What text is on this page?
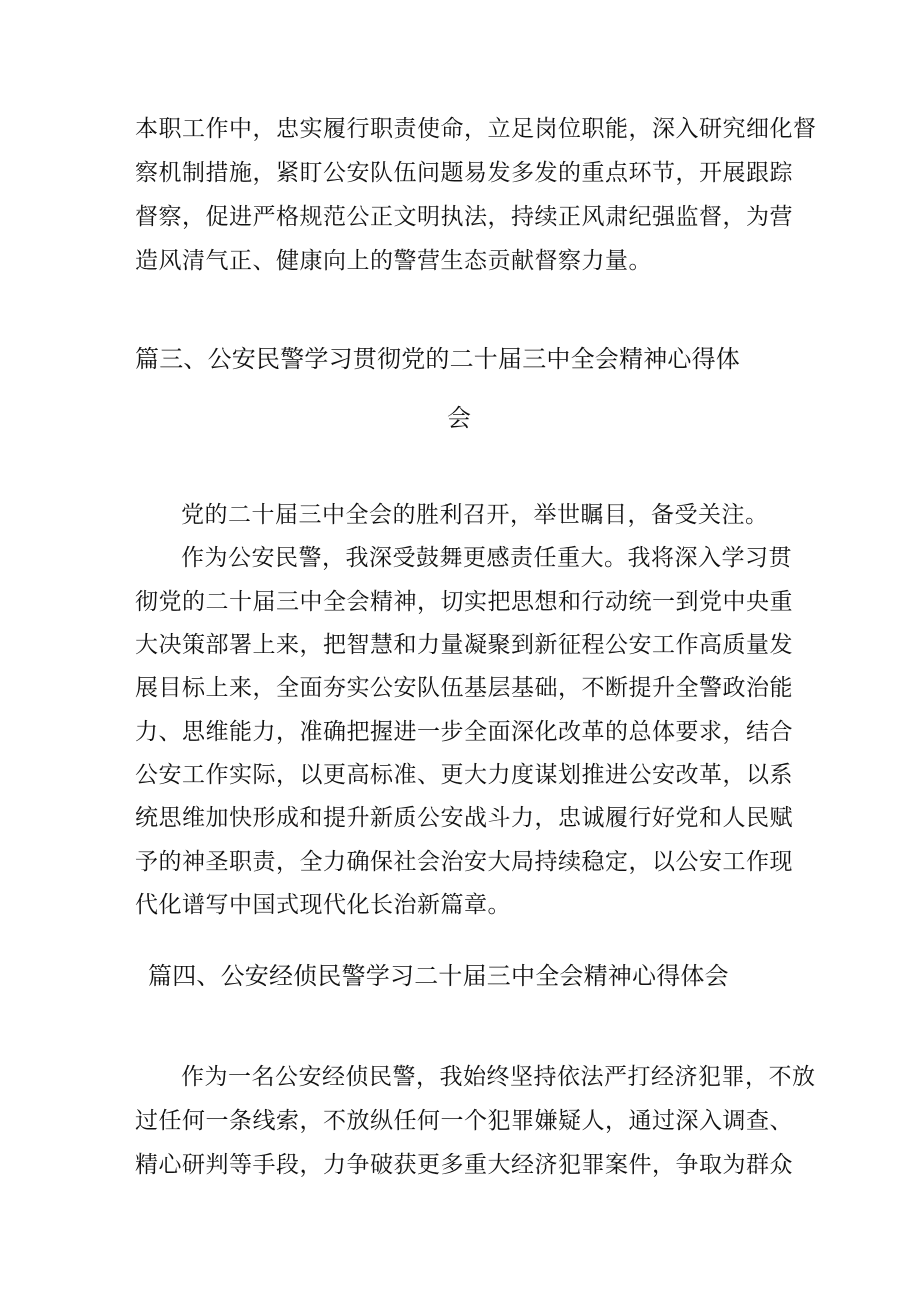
本职工作中，忠实履行职责使命，立足岗位职能，深入研究细化督
察机制措施，紧盯公安队伍问题易发多发的重点环节，开展跟踪
督察，促进严格规范公正文明执法，持续正风肃纪强监督，为营
造风清气正、健康向上的警营生态贡献督察力量。
篇三、公安民警学习贯彻党的二十届三中全会精神心得体
会
党的二十届三中全会的胜利召开，举世瞩目，备受关注。
作为公安民警，我深受鼓舞更感责任重大。我将深入学习贯
彻党的二十届三中全会精神，切实把思想和行动统一到党中央重
大决策部署上来，把智慧和力量凝聚到新征程公安工作高质量发
展目标上来，全面夯实公安队伍基层基础，不断提升全警政治能
力、思维能力，准确把握进一步全面深化改革的总体要求，结合
公安工作实际，以更高标准、更大力度谋划推进公安改革，以系
统思维加快形成和提升新质公安战斗力，忠诚履行好党和人民赋
予的神圣职责，全力确保社会治安大局持续稳定，以公安工作现
代化谱写中国式现代化长治新篇章。
篇四、公安经侦民警学习二十届三中全会精神心得体会
作为一名公安经侦民警，我始终坚持依法严打经济犯罪，不放
过任何一条线索，不放纵任何一个犯罪嫌疑人，通过深入调查、
精心研判等手段，力争破获更多重大经济犯罪案件，争取为群众
